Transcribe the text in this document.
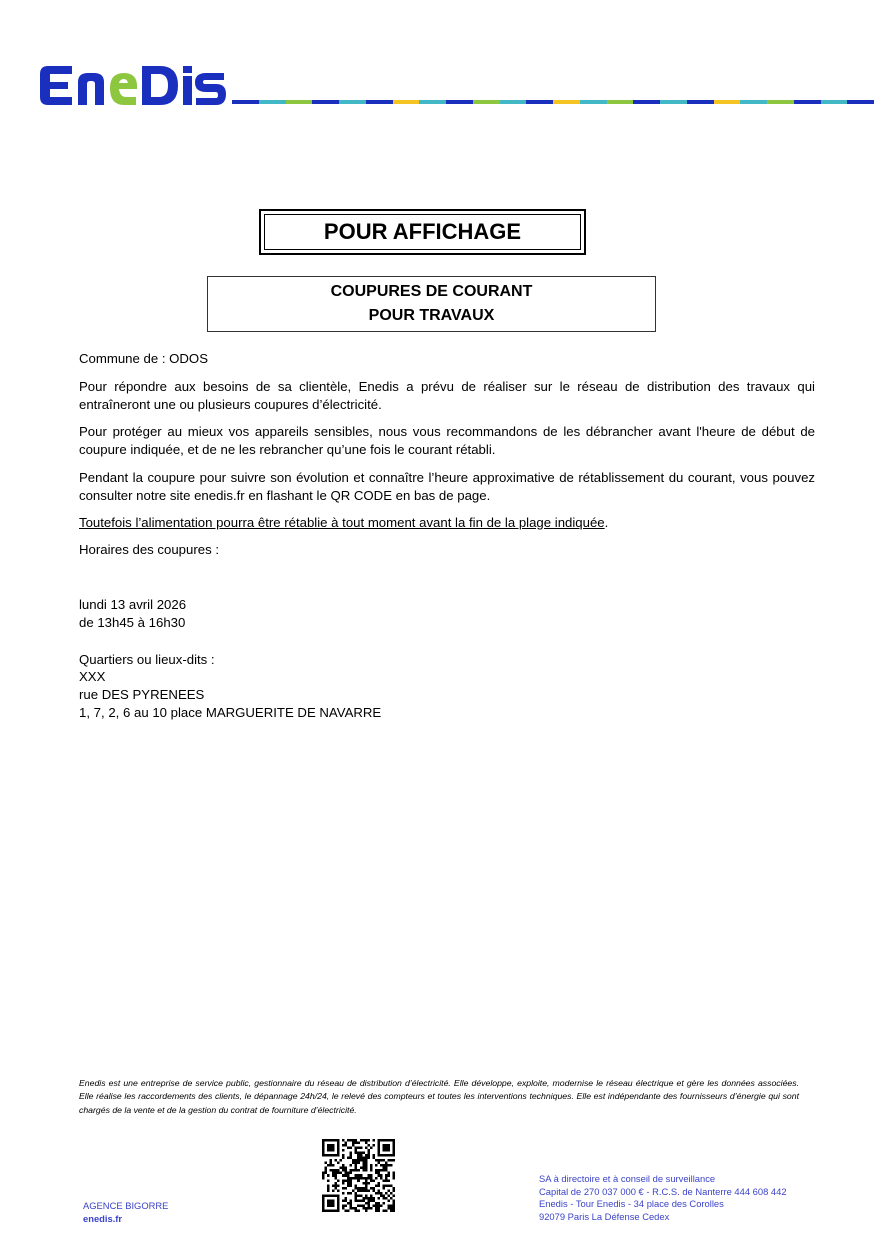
POUR AFFICHAGE
COUPURES DE COURANT
POUR TRAVAUX
Commune de : ODOS

Pour répondre aux besoins de sa clientèle, Enedis a prévu de réaliser sur le réseau de distribution des travaux qui entraîneront une ou plusieurs coupures d’électricité.

Pour protéger au mieux vos appareils sensibles, nous vous recommandons de les débrancher avant l'heure de début de coupure indiquée, et de ne les rebrancher qu’une fois le courant rétabli.

Pendant la coupure pour suivre son évolution et connaître l’heure approximative de rétablissement du courant, vous pouvez consulter notre site enedis.fr en flashant le QR CODE en bas de page.

Toutefois l’alimentation pourra être rétablie à tout moment avant la fin de la plage indiquée.
Horaires des coupures :
lundi 13 avril 2026
de 13h45 à 16h30
Quartiers ou lieux-dits :
XXX
rue DES PYRENEES
1, 7, 2, 6 au 10 place MARGUERITE DE NAVARRE
Enedis est une entreprise de service public, gestionnaire du réseau de distribution d’électricité. Elle développe, exploite, modernise le réseau électrique et gère les données associées. Elle réalise les raccordements des clients, le dépannage 24h/24, le relevé des compteurs et toutes les interventions techniques. Elle est indépendante des fournisseurs d’énergie qui sont chargés de la vente et de la gestion du contrat de fourniture d’électricité.
AGENCE BIGORRE
enedis.fr
SA à directoire et à conseil de surveillance
Capital de 270 037 000 € - R.C.S. de Nanterre 444 608 442
Enedis - Tour Enedis - 34 place des Corolles
92079 Paris La Défense Cedex
